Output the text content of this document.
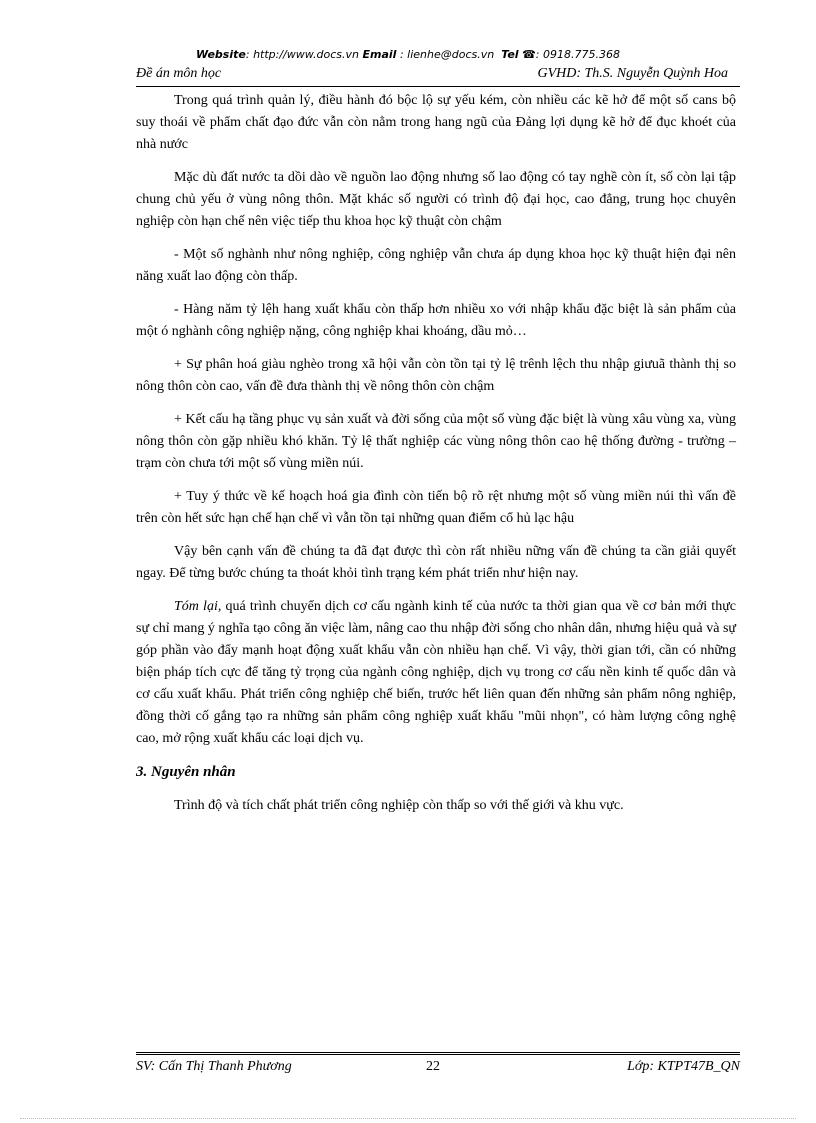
Website: http://www.docs.vn Email : lienhe@docs.vn Tel ☎: 0918.775.368
Đề án môn học	GVHD: Th.S. Nguyễn Quỳnh Hoa

Trong quá trình quản lý, điều hành đó bộc lộ sự yếu kém, còn nhiều các kẽ hở để một số cans bộ suy thoái về phẩm chất đạo đức vẫn còn nằm trong hang ngũ của Đảng lợi dụng kẽ hở để đục khoét của nhà nước

Mặc dù đất nước ta dồi dào về nguồn lao động nhưng số lao động có tay nghề còn ít, số còn lại tập chung chủ yếu ở vùng nông thôn. Mặt khác số người có trình độ đại học, cao đẳng, trung học chuyên nghiệp còn hạn chế nên việc tiếp thu khoa học kỹ thuật còn chậm

- Một số nghành như nông nghiệp, công nghiệp vẫn chưa áp dụng khoa học kỹ thuật hiện đại nên năng xuất lao động còn thấp.

- Hàng năm tỷ lệh hang xuất khẩu còn thấp hơn nhiều xo với nhập khẩu đặc biệt là sản phẩm của một ó nghành công nghiệp nặng, công nghiệp khai khoáng, dầu mỏ…

+ Sự phân hoá giàu nghèo trong xã hội vẫn còn tồn tại tỷ lệ trênh lệch thu nhập giưuã thành thị so nông thôn còn cao, vấn đề đưa thành thị về nông thôn còn chậm

+ Kết cấu hạ tầng phục vụ sản xuất và đời sống của một số vùng đặc biệt là vùng xâu vùng xa, vùng nông thôn còn gặp nhiều khó khăn. Tỷ lệ thất nghiệp các vùng nông thôn cao hệ thống đường - trường – trạm còn chưa tới một số vùng miền núi.

+ Tuy ý thức về kế hoạch hoá gia đình còn tiến bộ rõ rệt nhưng một số vùng miền núi thì vấn đề trên còn hết sức hạn chế hạn chế vì vẫn tồn tại những quan điểm cổ hủ lạc hậu

Vậy bên cạnh vấn đề chúng ta đã đạt được thì còn rất nhiều nững vấn đề chúng ta cần giải quyết ngay. Để từng bước chúng ta thoát khỏi tình trạng kém phát triển như hiện nay.

Tóm lại, quá trình chuyển dịch cơ cấu ngành kinh tế của nước ta thời gian qua về cơ bản mới thực sự chỉ mang ý nghĩa tạo công ăn việc làm, nâng cao thu nhập đời sống cho nhân dân, nhưng hiệu quả và sự góp phần vào đẩy mạnh hoạt động xuất khẩu vẫn còn nhiều hạn chế. Vì vậy, thời gian tới, cần có những biện pháp tích cực để tăng tỷ trọng của ngành công nghiệp, dịch vụ trong cơ cấu nền kinh tế quốc dân và cơ cấu xuất khẩu. Phát triển công nghiệp chế biến, trước hết liên quan đến những sản phẩm nông nghiệp, đồng thời cố gắng tạo ra những sản phẩm công nghiệp xuất khẩu "mũi nhọn", có hàm lượng công nghệ cao, mở rộng xuất khẩu các loại dịch vụ.

3. Nguyên nhân

Trình độ và tích chất phát triển công nghiệp còn thấp so với thế giới và khu vực.

SV: Cấn Thị Thanh Phương	22	Lớp: KTPT47B_QN
